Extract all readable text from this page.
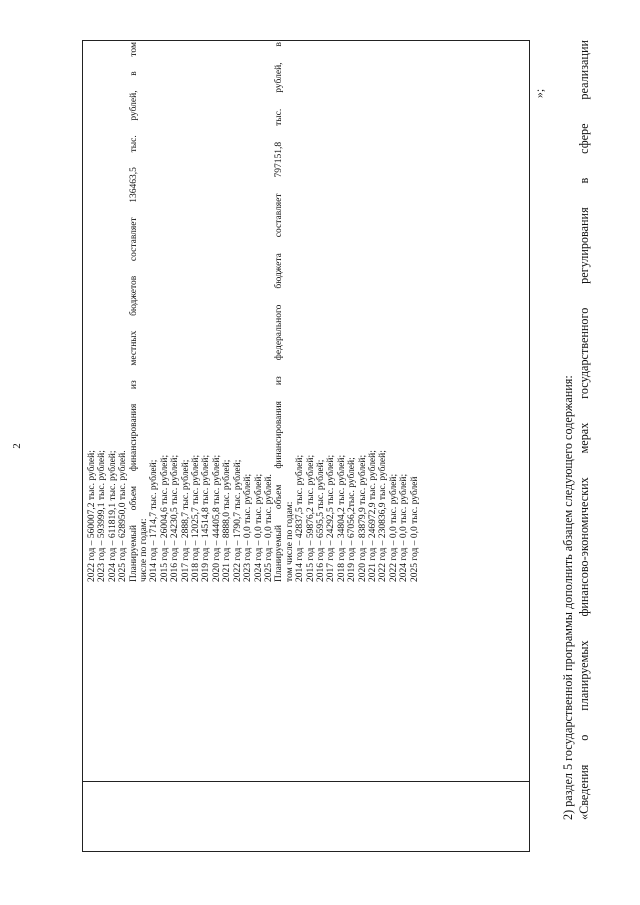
2
2022 год – 560007,2 тыс. рублей; 2023 год – 593999,1 тыс. рублей; 2024 год – 611819,1 тыс. рублей; 2025 год – 628950,0 тыс. рублей. Планируемый объем финансирования из местных бюджетов составляет 136463,5 тыс. рублей, в том числе по годам: 2014 год – 1714,7 тыс. рублей; 2015 год – 26004,6 тыс. рублей; 2016 год – 24230,5 тыс. рублей; 2017 год – 2888,7 тыс. рублей; 2018 год – 12025,7 тыс. рублей; 2019 год – 14514,8 тыс. рублей; 2020 год – 44405,8 тыс. рублей; 2021 год – 8888,0 тыс. рублей; 2022 год – 1790,7 тыс. рублей; 2023 год – 0,0 тыс. рублей; 2024 год – 0,0 тыс. рублей; 2025 год – 0,0 тыс. рублей. Планируемый объем финансирования из федерального бюджета составляет 797151,8 тыс. рублей, в том числе по годам: 2014 год – 42837,5 тыс. рублей; 2015 год – 59876,2 тыс. рублей; 2016 год – 6595,5 тыс. рублей; 2017 год – 24292,5 тыс. рублей; 2018 год – 34804,2 тыс. рублей; 2019 год – 67056,2тыс. рублей; 2020 год – 83879,9 тыс. рублей; 2021 год – 246972,9 тыс. рублей; 2022 год – 230836,9 тыс. рублей; 2022 год – 0,0 тыс. рублей; 2024 год – 0,0 тыс. рублей; 2025 год – 0,0 тыс. рублей
»;
2) раздел 5 государственной программы дополнить абзацем следующего содержания: «Сведения о планируемых финансово-экономических мерах государственного регулирования в сфере реализации
